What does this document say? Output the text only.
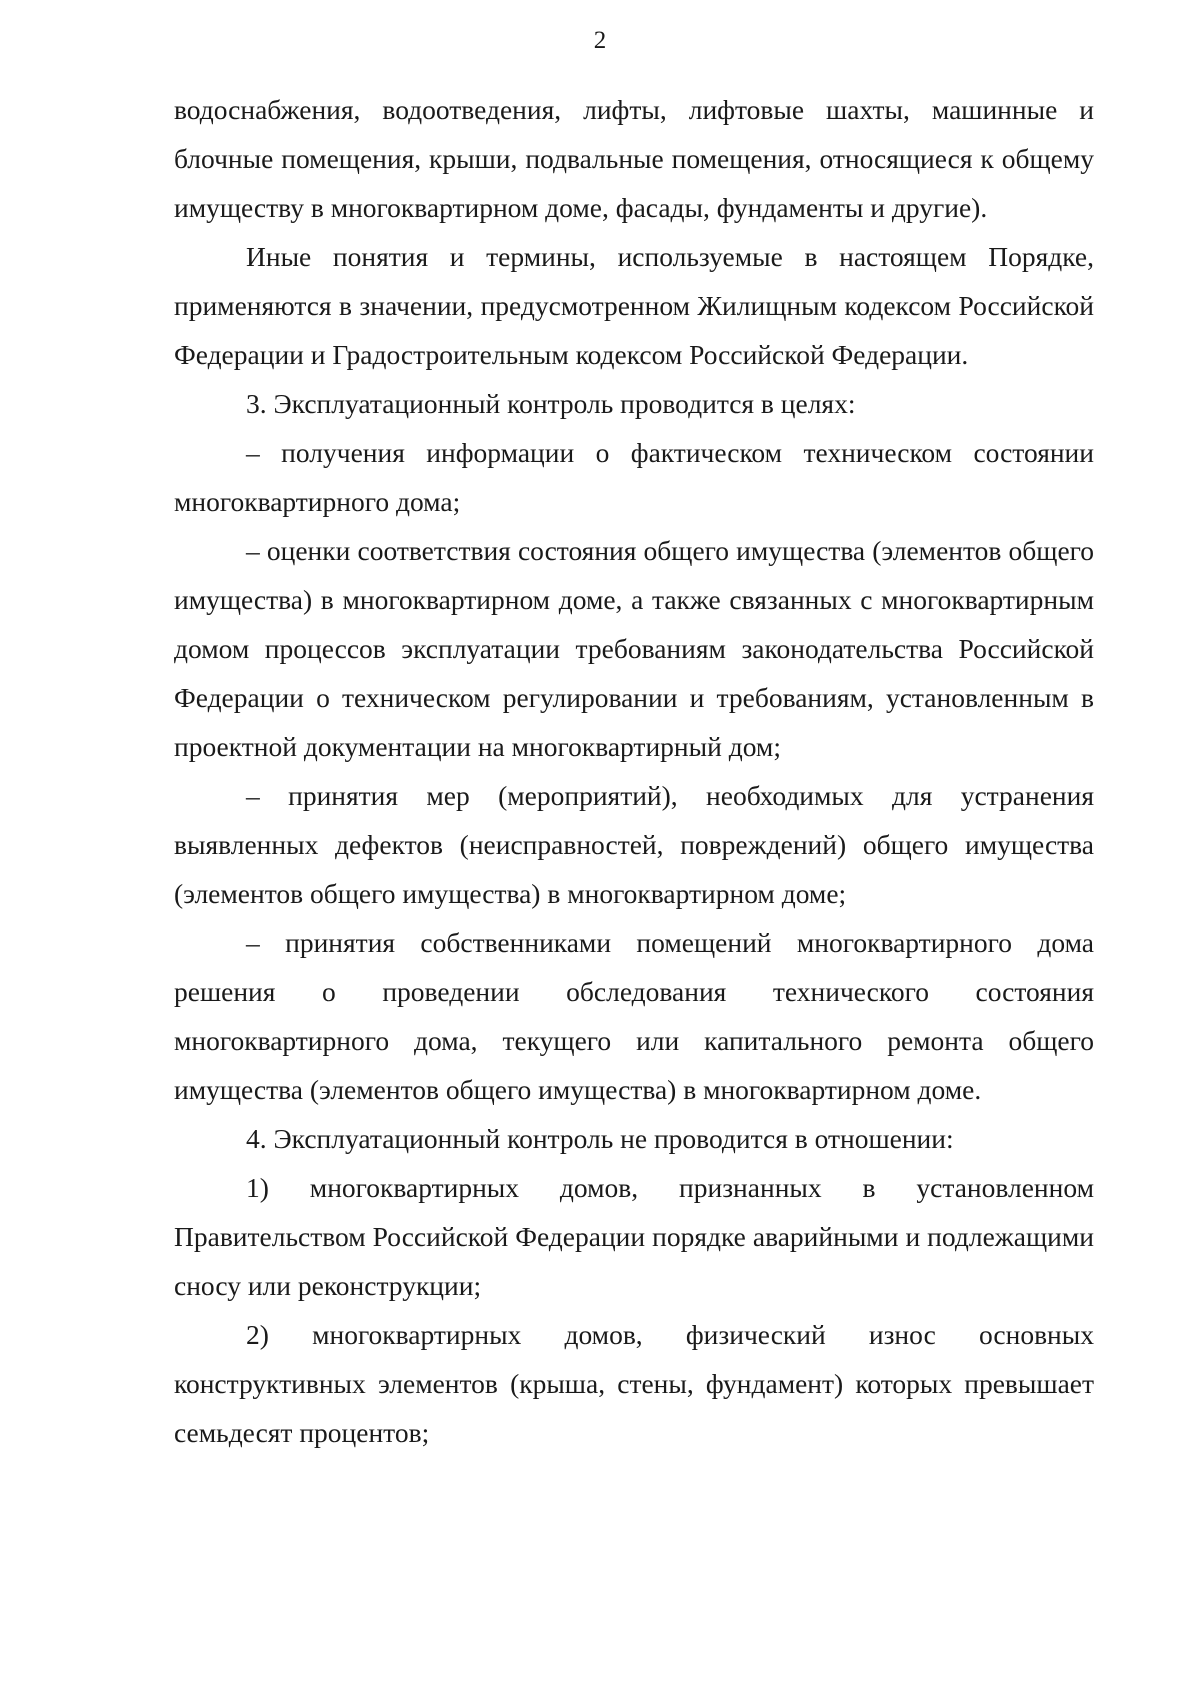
2

водоснабжения, водоотведения, лифты, лифтовые шахты, машинные и блочные помещения, крыши, подвальные помещения, относящиеся к общему имуществу в многоквартирном доме, фасады, фундаменты и другие).

Иные понятия и термины, используемые в настоящем Порядке, применяются в значении, предусмотренном Жилищным кодексом Российской Федерации и Градостроительным кодексом Российской Федерации.

3. Эксплуатационный контроль проводится в целях:

– получения информации о фактическом техническом состоянии многоквартирного дома;

– оценки соответствия состояния общего имущества (элементов общего имущества) в многоквартирном доме, а также связанных с многоквартирным домом процессов эксплуатации требованиям законодательства Российской Федерации о техническом регулировании и требованиям, установленным в проектной документации на многоквартирный дом;

– принятия мер (мероприятий), необходимых для устранения выявленных дефектов (неисправностей, повреждений) общего имущества (элементов общего имущества) в многоквартирном доме;

– принятия собственниками помещений многоквартирного дома решения о проведении обследования технического состояния многоквартирного дома, текущего или капитального ремонта общего имущества (элементов общего имущества) в многоквартирном доме.

4. Эксплуатационный контроль не проводится в отношении:

1) многоквартирных домов, признанных в установленном Правительством Российской Федерации порядке аварийными и подлежащими сносу или реконструкции;

2) многоквартирных домов, физический износ основных конструктивных элементов (крыша, стены, фундамент) которых превышает семьдесят процентов;
